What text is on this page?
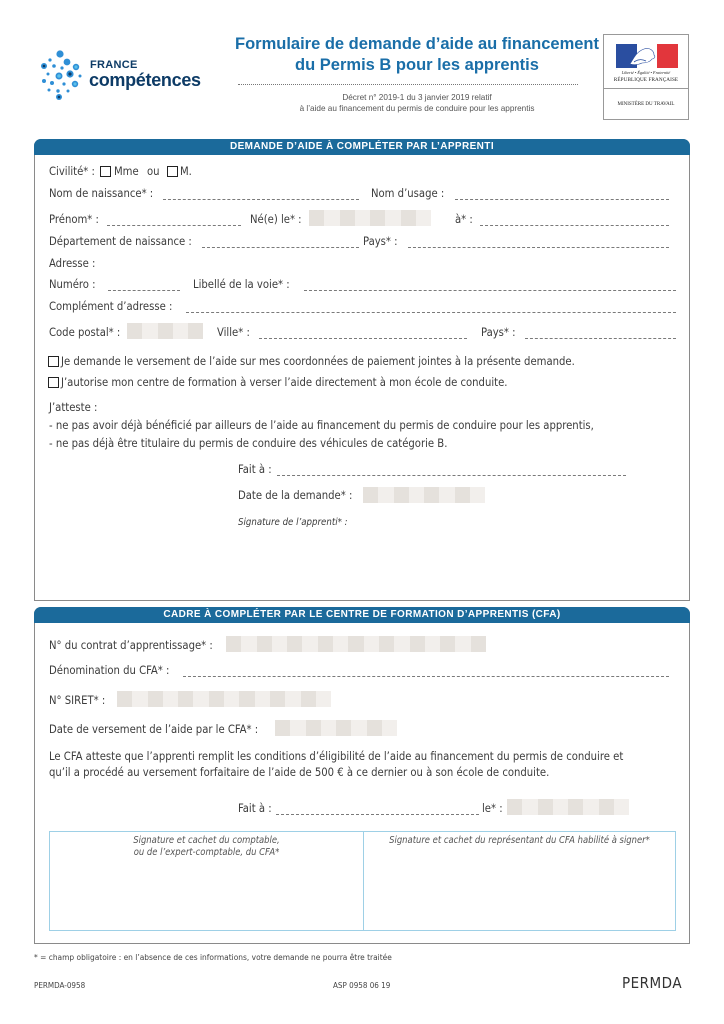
FRANCE
compétences
Formulaire de demande d’aide au financement du Permis B pour les apprentis
Décret n° 2019-1 du 3 janvier 2019 relatif
à l’aide au financement du permis de conduire pour les apprentis
Liberté • Égalité • Fraternité
RÉPUBLIQUE FRANÇAISE
MINISTÈRE DU TRAVAIL
DEMANDE D’AIDE À COMPLÉTER PAR L’APPRENTI
Civilité* : Mme ou M.
Nom de naissance* :	Nom d’usage :
Prénom* :	Né(e) le* :	à* :
Département de naissance :	Pays* :
Adresse :
Numéro :	Libellé de la voie* :
Complément d’adresse :
Code postal* :	Ville* :	Pays* :
Je demande le versement de l’aide sur mes coordonnées de paiement jointes à la présente demande.
J’autorise mon centre de formation à verser l’aide directement à mon école de conduite.
J’atteste :
- ne pas avoir déjà bénéficié par ailleurs de l’aide au financement du permis de conduire pour les apprentis,
- ne pas déjà être titulaire du permis de conduire des véhicules de catégorie B.
Fait à :
Date de la demande* :
Signature de l’apprenti* :
CADRE À COMPLÉTER PAR LE CENTRE DE FORMATION D’APPRENTIS (CFA)
N° du contrat d’apprentissage* :
Dénomination du CFA* :
N° SIRET* :
Date de versement de l’aide par le CFA* :
Le CFA atteste que l’apprenti remplit les conditions d’éligibilité de l’aide au financement du permis de conduire et
qu’il a procédé au versement forfaitaire de l’aide de 500 € à ce dernier ou à son école de conduite.
Fait à :	le* :
Signature et cachet du comptable,
ou de l’expert-comptable, du CFA*
Signature et cachet du représentant du CFA habilité à signer*
* = champ obligatoire : en l’absence de ces informations, votre demande ne pourra être traitée
PERMDA-0958	ASP 0958 06 19	PERMDA
